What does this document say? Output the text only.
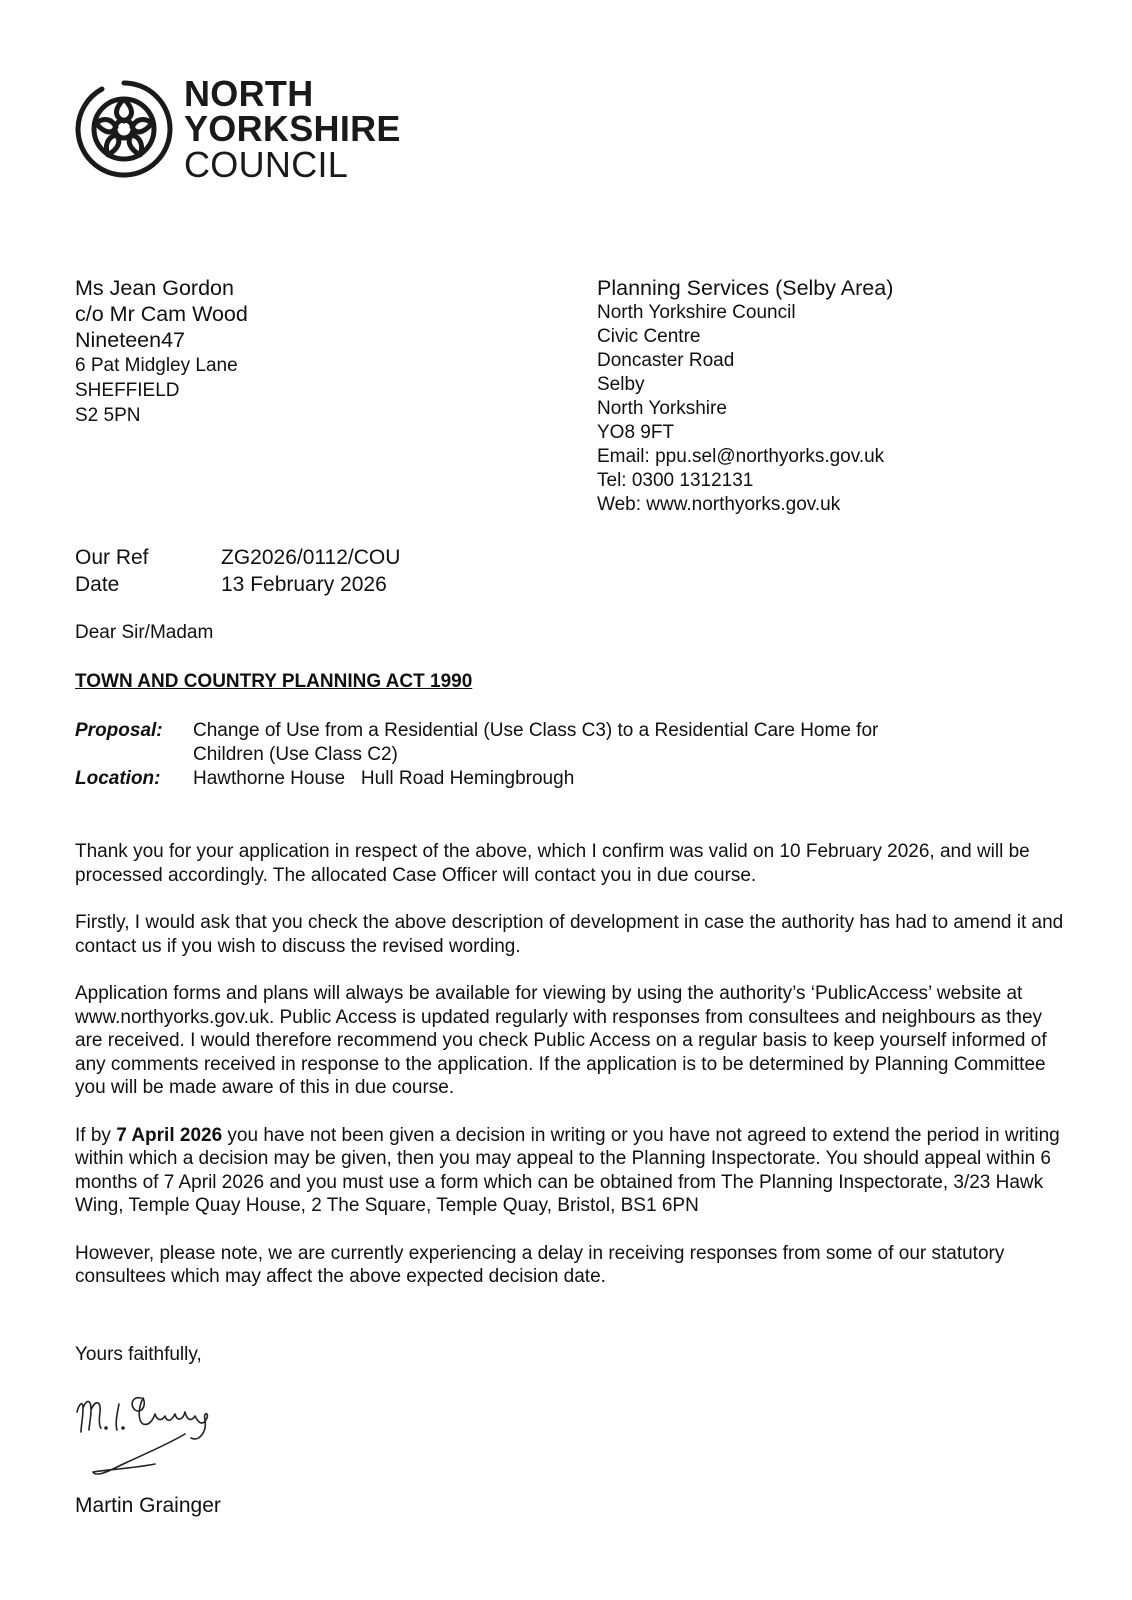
NORTH
YORKSHIRE
COUNCIL
Ms Jean Gordon
c/o Mr Cam Wood
Nineteen47
6 Pat Midgley Lane
SHEFFIELD
S2 5PN
Planning Services (Selby Area)
North Yorkshire Council
Civic Centre
Doncaster Road
Selby
North Yorkshire
YO8 9FT
Email: ppu.sel@northyorks.gov.uk
Tel: 0300 1312131
Web: www.northyorks.gov.uk
Our Ref	ZG2026/0112/COU
Date	13 February 2026
Dear Sir/Madam
TOWN AND COUNTRY PLANNING ACT 1990
Proposal:	Change of Use from a Residential (Use Class C3) to a Residential Care Home for
Children (Use Class C2)
Location:	Hawthorne House   Hull Road Hemingbrough

Thank you for your application in respect of the above, which I confirm was valid on 10 February 2026, and will be processed accordingly. The allocated Case Officer will contact you in due course.

Firstly, I would ask that you check the above description of development in case the authority has had to amend it and contact us if you wish to discuss the revised wording.

Application forms and plans will always be available for viewing by using the authority’s ‘PublicAccess’ website at www.northyorks.gov.uk. Public Access is updated regularly with responses from consultees and neighbours as they are received. I would therefore recommend you check Public Access on a regular basis to keep yourself informed of any comments received in response to the application. If the application is to be determined by Planning Committee you will be made aware of this in due course.

If by 7 April 2026 you have not been given a decision in writing or you have not agreed to extend the period in writing within which a decision may be given, then you may appeal to the Planning Inspectorate. You should appeal within 6 months of 7 April 2026 and you must use a form which can be obtained from The Planning Inspectorate, 3/23 Hawk Wing, Temple Quay House, 2 The Square, Temple Quay, Bristol, BS1 6PN

However, please note, we are currently experiencing a delay in receiving responses from some of our statutory consultees which may affect the above expected decision date.

Yours faithfully,
Martin Grainger
